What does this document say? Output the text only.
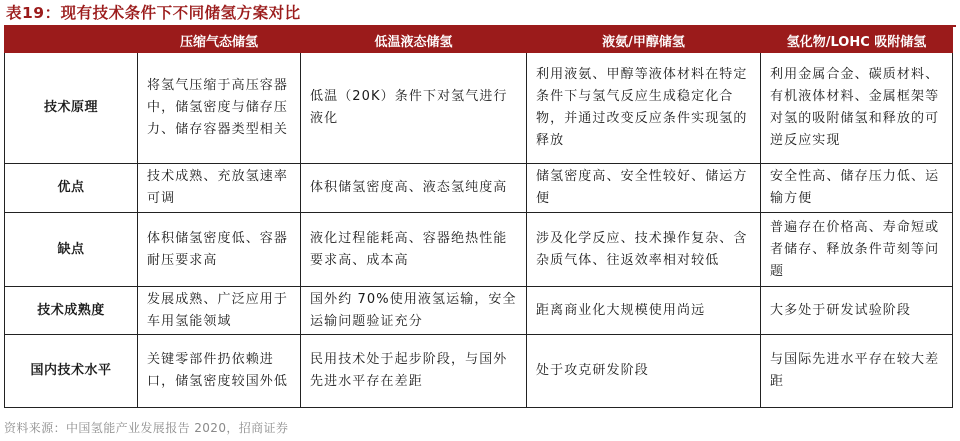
表19：现有技术条件下不同储氢方案对比
	压缩气态储氢	低温液态储氢	液氨/甲醇储氢	氢化物/LOHC 吸附储氢
技术原理	将氢气压缩于高压容器中，储氢密度与储存压力、储存容器类型相关	低温（20K）条件下对氢气进行液化	利用液氨、甲醇等液体材料在特定条件下与氢气反应生成稳定化合物，并通过改变反应条件实现氢的释放	利用金属合金、碳质材料、有机液体材料、金属框架等对氢的吸附储氢和释放的可逆反应实现
优点	技术成熟、充放氢速率可调	体积储氢密度高、液态氢纯度高	储氢密度高、安全性较好、储运方便	安全性高、储存压力低、运输方便
缺点	体积储氢密度低、容器耐压要求高	液化过程能耗高、容器绝热性能要求高、成本高	涉及化学反应、技术操作复杂、含杂质气体、往返效率相对较低	普遍存在价格高、寿命短或者储存、释放条件苛刻等问题
技术成熟度	发展成熟、广泛应用于车用氢能领域	国外约 70%使用液氢运输，安全运输问题验证充分	距离商业化大规模使用尚远	大多处于研发试验阶段
国内技术水平	关键零部件扔依赖进口，储氢密度较国外低	民用技术处于起步阶段，与国外先进水平存在差距	处于攻克研发阶段	与国际先进水平存在较大差距
资料来源：中国氢能产业发展报告 2020，招商证券
